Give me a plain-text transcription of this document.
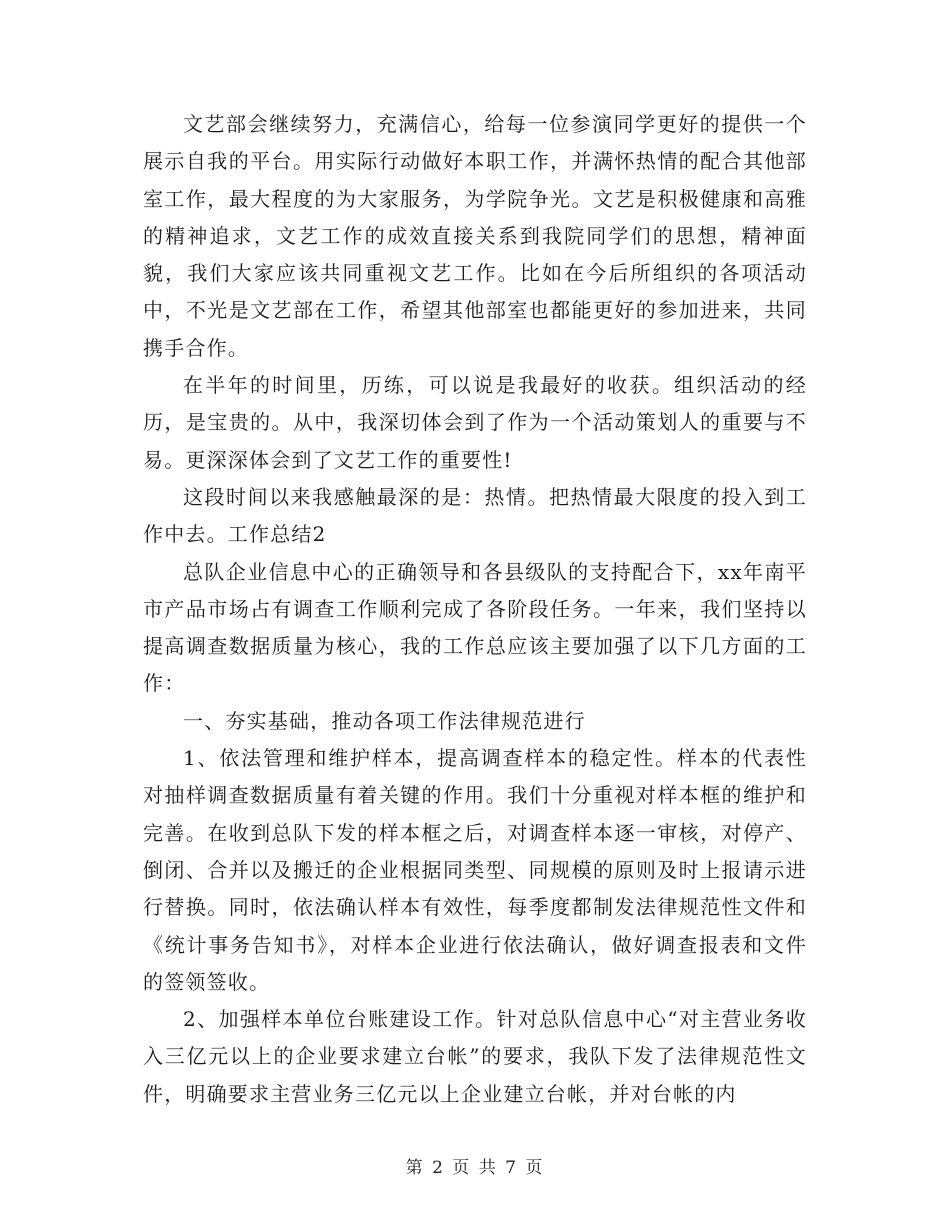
文艺部会继续努力，充满信心，给每一位参演同学更好的提供一个展示自我的平台。用实际行动做好本职工作，并满怀热情的配合其他部室工作，最大程度的为大家服务，为学院争光。文艺是积极健康和高雅的精神追求，文艺工作的成效直接关系到我院同学们的思想，精神面貌，我们大家应该共同重视文艺工作。比如在今后所组织的各项活动中，不光是文艺部在工作，希望其他部室也都能更好的参加进来，共同携手合作。

在半年的时间里，历练，可以说是我最好的收获。组织活动的经历，是宝贵的。从中，我深切体会到了作为一个活动策划人的重要与不易。更深深体会到了文艺工作的重要性!

这段时间以来我感触最深的是：热情。把热情最大限度的投入到工作中去。工作总结2

总队企业信息中心的正确领导和各县级队的支持配合下，xx年南平市产品市场占有调查工作顺利完成了各阶段任务。一年来，我们坚持以提高调查数据质量为核心，我的工作总应该主要加强了以下几方面的工作：

一、夯实基础，推动各项工作法律规范进行

1、依法管理和维护样本，提高调查样本的稳定性。样本的代表性对抽样调查数据质量有着关键的作用。我们十分重视对样本框的维护和完善。在收到总队下发的样本框之后，对调查样本逐一审核，对停产、倒闭、合并以及搬迁的企业根据同类型、同规模的原则及时上报请示进行替换。同时，依法确认样本有效性，每季度都制发法律规范性文件和《统计事务告知书》，对样本企业进行依法确认，做好调查报表和文件的签领签收。

2、加强样本单位台账建设工作。针对总队信息中心“对主营业务收入三亿元以上的企业要求建立台帐”的要求，我队下发了法律规范性文件，明确要求主营业务三亿元以上企业建立台帐，并对台帐的内

第 2 页 共 7 页
